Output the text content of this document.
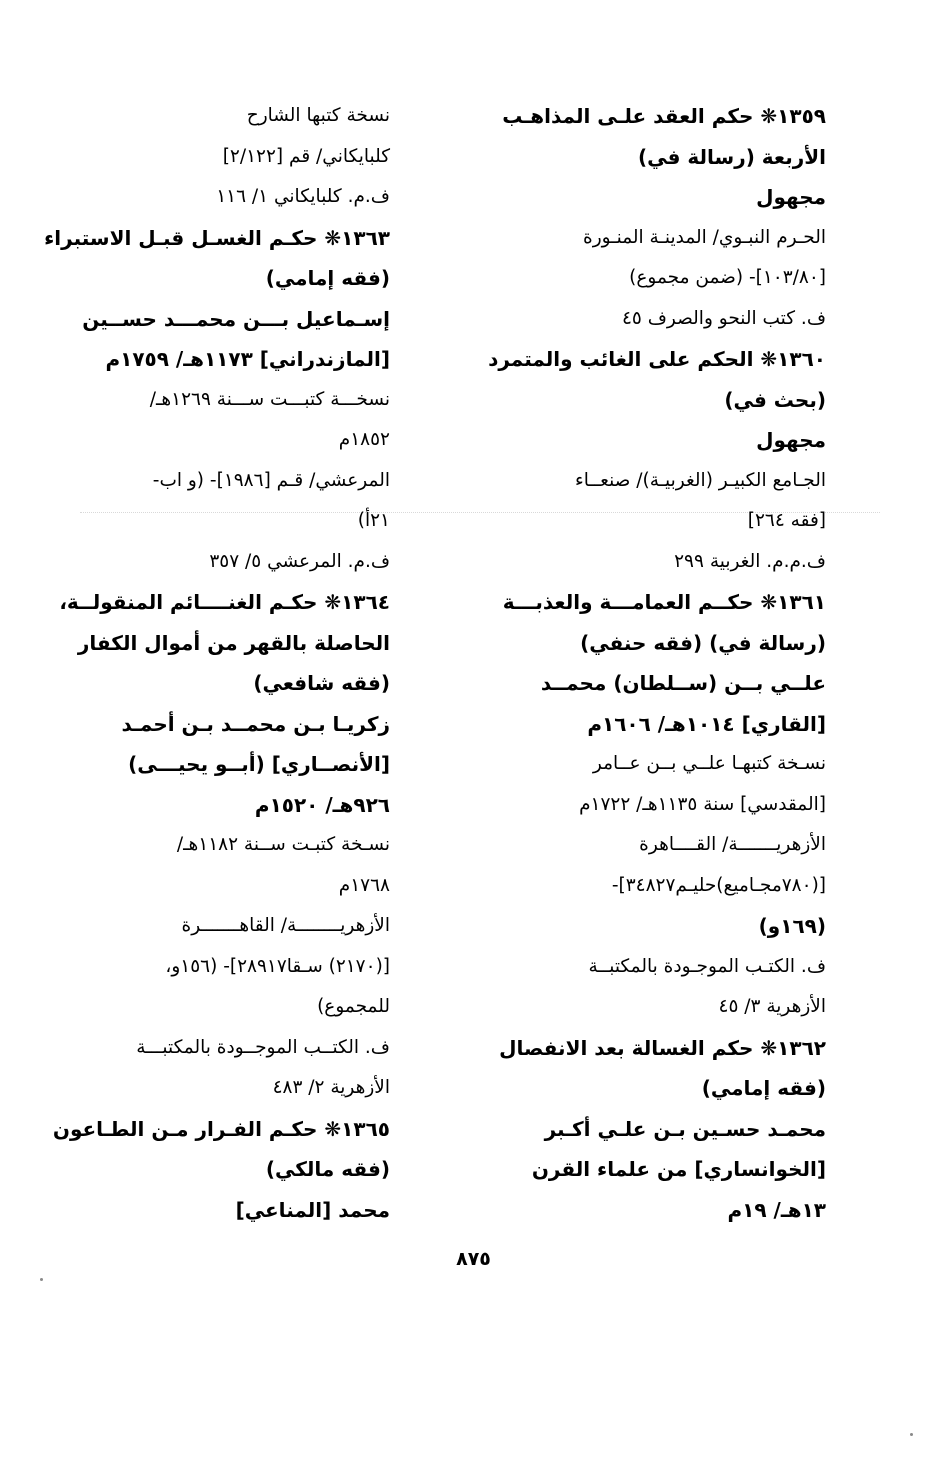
١٣٥٩❋ حكم العقد علـى المذاهـب
الأربعة (رسالة في)
مجهول
الحـرم النبـوي/ المدينـة المنـورة
[١٠٣/٨٠]- (ضمن مجموع)
ف. كتب النحو والصرف ٤٥
١٣٦٠❋ الحكم على الغائب والمتمرد
(بحث في)
مجهول
الجـامع الكبيـر (الغربيـة)/ صنعــاء
[فقه ٢٦٤]
ف.م.م. الغربية ٢٩٩
١٣٦١❋ حكــم العمامـــة والعذبـــة
(رسالة في) (فقه حنفي)
علــي بــن (ســلطان) محمــد
[القاري] ١٠١٤هـ/ ١٦٠٦م
نسـخة كتبهـا علــي بــن عــامر
[المقدسي] سنة ١١٣٥هـ/ ١٧٢٢م
الأزهريـــــــة/ القــــاهرة
[(٧٨٠مجـاميع)حليـم٣٤٨٢٧]-
(١٦٩و)
ف. الكتـب الموجـودة بالمكتبــة
الأزهرية ٣/ ٤٥
١٣٦٢❋ حكم الغسالة بعد الانفصال
(فقه إمامي)
محمـد حسـين بـن علـي أكـبر
[الخوانساري] من علماء القرن
١٣هـ/ ١٩م
نسخة كتبها الشارح
كلبايكاني/ قم [٢/١٢٢]
ف.م. كلبايكاني ١/ ١١٦
١٣٦٣❋ حكـم الغسـل قبـل الاستبراء
(فقه إمامي)
إسـماعيل بـــن محمـــد حســين
[المازندراني] ١١٧٣هـ/ ١٧٥٩م
نسخـــة كتبـــت ســـنة ١٢٦٩هـ/
١٨٥٢م
المرعشي/ قـم [١٩٨٦]- (و اب-
٢١أ)
ف.م. المرعشي ٥/ ٣٥٧
١٣٦٤❋ حكـم الغنــــائم المنقولــة،
الحاصلة بالقهر من أموال الكفار
(فقه شافعي)
زكريـا بـن محمــد بـن أحمـد
[الأنصــاري] (أبــو يحيـــى)
٩٢٦هـ/ ١٥٢٠م
نسـخة كتبـت ســنة ١١٨٢هـ/
١٧٦٨م
الأزهريــــــــة/ القاهـــــــرة
[(٢١٧٠) سـقا٢٨٩١٧]- (١٥٦و،
للمجموع)
ف. الكتــب الموجــودة بالمكتبـــة
الأزهرية ٢/ ٤٨٣
١٣٦٥❋ حكـم الفـرار مـن الطـاعون
(فقه مالكي)
محمد [المناعي]
٨٧٥
